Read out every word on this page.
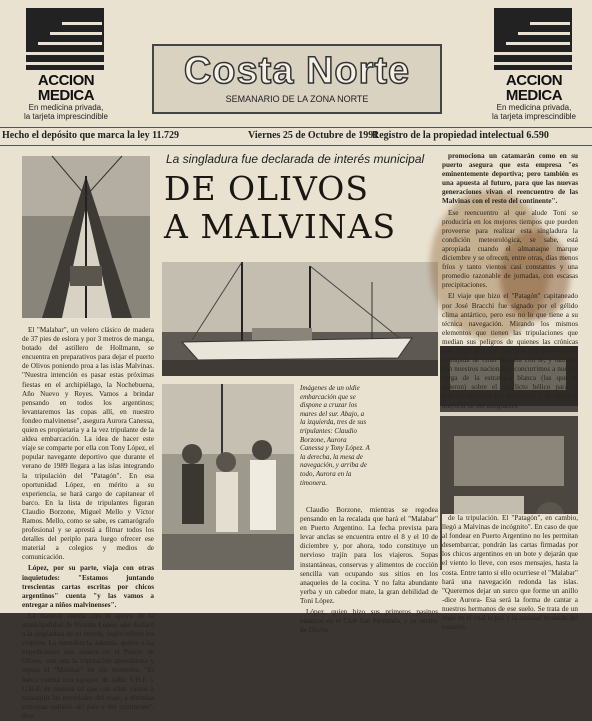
ACCION MEDICA
En medicina privada,
la tarjeta imprescindible
ACCION MEDICA
En medicina privada,
la tarjeta imprescindible
Costa Norte
SEMANARIO DE LA ZONA NORTE
Hecho el depósito que marca la ley 11.729	Viernes 25 de Octubre de 1991
Registro de la propiedad intelectual 6.590
La singladura fue declarada de interés municipal
DE OLIVOS
A MALVINAS
Imágenes de un oldie embarcación que se dispone a cruzar los mares del sur. Abajo, a la izquierda, tres de sus tripulantes: Claudio Borzone, Aurora Canessa y Tony López. A la derecha, la mesa de navegación, y arriba de todo, Aurora en la timonera.

El "Malabar", un velero clásico de madera de 37 pies de eslora y por 3 metros de manga, botado del astillero de Hollmann, se encuentra en preparativos para dejar el puerto de Olivos poniendo proa a las islas Malvinas. "Nuestra intención es pasar estas próximas fiestas en el archipiélago, la Nochebuena, Año Nuevo y Reyes. Vamos a brindar pensando en todos los argentinos; levantaremos las copas allí, en nuestro fondeo malvinense", asegura Aurora Canessa, quien es propietaria y a la vez tripulante de la aldea embarcación. La idea de hacer este viaje se comparte por ella con Tony López, el popular navegante deportivo que durante el verano de 1989 llegara a las islas integrando la tripulación del "Patagón". En esa oportunidad López, en mérito a su experiencia, se hará cargo de capitanear el barco. En la lista de tripulantes figuran Claudio Borzone, Miguel Mello y Víctor Ramos. Mello, como se sabe, es camarógrafo profesional y se aprestá a filmar todos los detalles del periplo para luego ofrecer ese material a colegios y medios de comunicación.

López, por su parte, viaja con otras inquietudes: "Estamos juntando trescientas cartas escritas por chicos argentinos" cuenta "y las vamos a entregar a niños malvinenses".

La travesía cuenta con el apoyo de la municipalidad de Vicente López, que declaró a la singladura de su interés, según refiere los viajeros. La intendencia, además, quiere a las expediciones una amarra en el Puerto de Olivos, con una la tripulación aprovisiona y repara el "Malabar" en sus dominios. "El barco cuenta con equipos de radio V.H.F. y U.H.F. de manera tal que con ellos vamos a transmitir las novedades del viaje, a distintas emisoras radiales del país y del continente", dice

Claudio Borzone, mientras se regodea pensando en la recalada que hará el "Malabar" en Puerto Argentino. La fecha prevista para levar anclas se encuentra entre el 8 y el 10 de diciembre y, por ahora, todo constituye un nervioso trajín para los viajeros. Sopas instantáneas, conservas y alimentos de cocción sencilla van ocupando sus sitios en los anaqueles de la cocina. Y no falta abundante yerba y un cabedor mate, la gran debilidad de Toni López.

López, quien hizo sus primeros pasinos náuticos en el Club San Fernando, y es vecino de Olivos

promociona un catamarán como en su puerto asegura que esta empresa "es eminentemente deportiva; pero también es una apuesta al futuro, para que las nuevas generaciones vivan el reencuentro de las Malvinas con el resto del continente".

Ese reencuentro al que alude Toni se produciría en los mejores tiempos que pueden proveerse para realizar esta singladura la condición meteorológica, se sabe, está apropiada cuando el almanaque marque diciembre y se ofrecen, entre otras, días menos fríos y tanto vientos casi constantes y una promedio razonable de jornadas, con escasas precipitaciones.

El viaje que hizo el "Patagón" capitaneado por José Bracchi fue signado por el gélido clima antártico, pero eso no lo que tiene a su técnica navegación. Mirando los mismos elementos que tienen las tripulaciones que median sus peligros de quienes las crónicas nos dice: nosotros hombres del norte en su embajada de Gran Bretaña con fe, y también con nuestros nacionales, concurrimos a nuestra carga de la estrategia blanca (las que se unieron) sobre el conflicto bélico para el ingreso de todos los argentinos a la isla a la mayoría de los integrantes

de la tripulación. El "Patagón", en cambio, llegó a Malvinas de incógnito". En caso de que al fondear en Puerto Argentino no les permitan desembarcar, pondrán las cartas firmadas por los chicos argentinos en un bote y dejarán que el viento lo lleve, con esos mensajes, hasta la costa. Entre tanto si ello ocurriese el "Malabar" hará una navegación redonda las islas. "Queremos dejar un surco que forme un anillo -dice Aurora- Esa será la forma de cantar a nuestros hermanos de ese suelo. Se trata de un viaje en el cual la paz y la amistad brotarán del corazón.
